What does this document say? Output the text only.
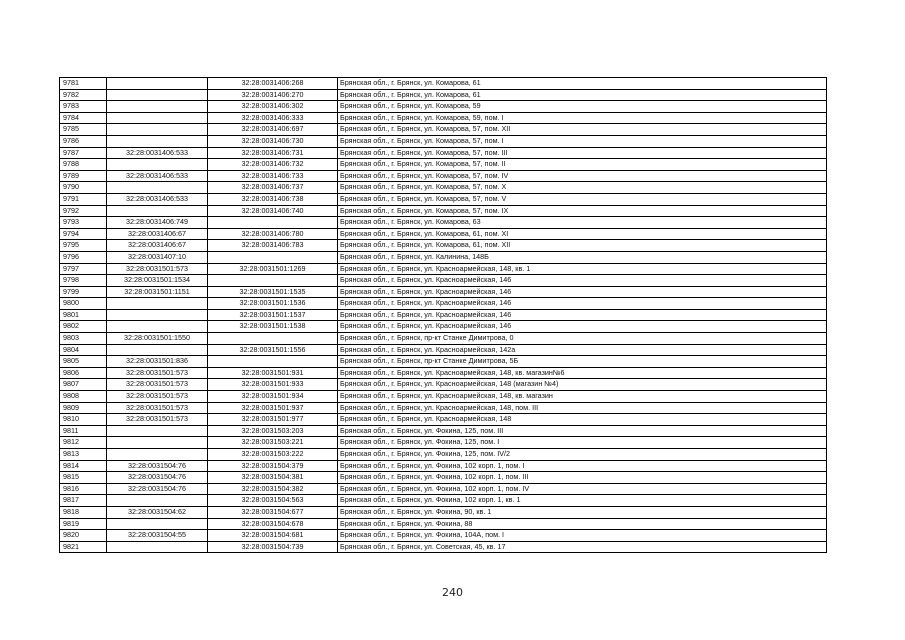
9781		32:28:0031406:268	Брянская обл., г. Брянск, ул. Комарова, 61
9782		32:28:0031406:270	Брянская обл., г. Брянск, ул. Комарова, 61
9783		32:28:0031406:302	Брянская обл., г. Брянск, ул. Комарова, 59
9784		32:28:0031406:333	Брянская обл., г. Брянск, ул. Комарова, 59, пом. I
9785		32:28:0031406:697	Брянская обл., г. Брянск, ул. Комарова, 57, пом. XII
9786		32:28:0031406:730	Брянская обл., г. Брянск, ул. Комарова, 57, пом. I
9787	32:28:0031406:533	32:28:0031406:731	Брянская обл., г. Брянск, ул. Комарова, 57, пом. III
9788		32:28:0031406:732	Брянская обл., г. Брянск, ул. Комарова, 57, пом. II
9789	32:28:0031406:533	32:28:0031406:733	Брянская обл., г. Брянск, ул. Комарова, 57, пом. IV
9790		32:28:0031406:737	Брянская обл., г. Брянск, ул. Комарова, 57, пом. X
9791	32:28:0031406:533	32:28:0031406:738	Брянская обл., г. Брянск, ул. Комарова, 57, пом. V
9792		32:28:0031406:740	Брянская обл., г. Брянск, ул. Комарова, 57, пом. IX
9793	32:28:0031406:749		Брянская обл., г. Брянск, ул. Комарова, 63
9794	32:28:0031406:67	32:28:0031406:780	Брянская обл., г. Брянск, ул. Комарова, 61, пом. XI
9795	32:28:0031406:67	32:28:0031406:783	Брянская обл., г. Брянск, ул. Комарова, 61, пом. XII
9796	32:28:0031407:10		Брянская обл., г. Брянск, ул. Калинина, 148Б
9797	32:28:0031501:573	32:28:0031501:1269	Брянская обл., г. Брянск, ул. Красноармейская, 148, кв. 1
9798	32:28:0031501:1534		Брянская обл., г. Брянск, ул. Красноармейская, 146
9799	32:28:0031501:1151	32:28:0031501:1535	Брянская обл., г. Брянск, ул. Красноармейская, 146
9800		32:28:0031501:1536	Брянская обл., г. Брянск, ул. Красноармейская, 146
9801		32:28:0031501:1537	Брянская обл., г. Брянск, ул. Красноармейская, 146
9802		32:28:0031501:1538	Брянская обл., г. Брянск, ул. Красноармейская, 146
9803	32:28:0031501:1550		Брянская обл., г. Брянск, пр-кт Станке Димитрова, 0
9804		32:28:0031501:1556	Брянская обл., г. Брянск, ул. Красноармейская, 142а
9805	32:28:0031501:836		Брянская обл., г. Брянск, пр-кт Станке Димитрова, 5Б
9806	32:28:0031501:573	32:28:0031501:931	Брянская обл., г. Брянск, ул. Красноармейская, 148, кв. магазин№6
9807	32:28:0031501:573	32:28:0031501:933	Брянская обл., г. Брянск, ул. Красноармейская, 148 (магазин №4)
9808	32:28:0031501:573	32:28:0031501:934	Брянская обл., г. Брянск, ул. Красноармейская, 148, кв. магазин
9809	32:28:0031501:573	32:28:0031501:937	Брянская обл., г. Брянск, ул. Красноармейская, 148, пом. III
9810	32:28:0031501:573	32:28:0031501:977	Брянская обл., г. Брянск, ул. Красноармейская, 148
9811		32:28:0031503:203	Брянская обл., г. Брянск, ул. Фокина, 125, пом. III
9812		32:28:0031503:221	Брянская обл., г. Брянск, ул. Фокина, 125, пом. I
9813		32:28:0031503:222	Брянская обл., г. Брянск, ул. Фокина, 125, пом. IV/2
9814	32:28:0031504:76	32:28:0031504:379	Брянская обл., г. Брянск, ул. Фокина, 102 корп. 1, пом. I
9815	32:28:0031504:76	32:28:0031504:381	Брянская обл., г. Брянск, ул. Фокина, 102 корп. 1, пом. III
9816	32:28:0031504:76	32:28:0031504:382	Брянская обл., г. Брянск, ул. Фокина, 102 корп. 1, пом. IV
9817		32:28:0031504:563	Брянская обл., г. Брянск, ул. Фокина, 102 корп. 1, кв. 1
9818	32:28:0031504:62	32:28:0031504:677	Брянская обл., г. Брянск, ул. Фокина, 90, кв. 1
9819		32:28:0031504:678	Брянская обл., г. Брянск, ул. Фокина, 88
9820	32:28:0031504:55	32:28:0031504:681	Брянская обл., г. Брянск, ул. Фокина, 104А, пом. I
9821		32:28:0031504:739	Брянская обл., г. Брянск, ул. Советская, 45, кв. 17
240
